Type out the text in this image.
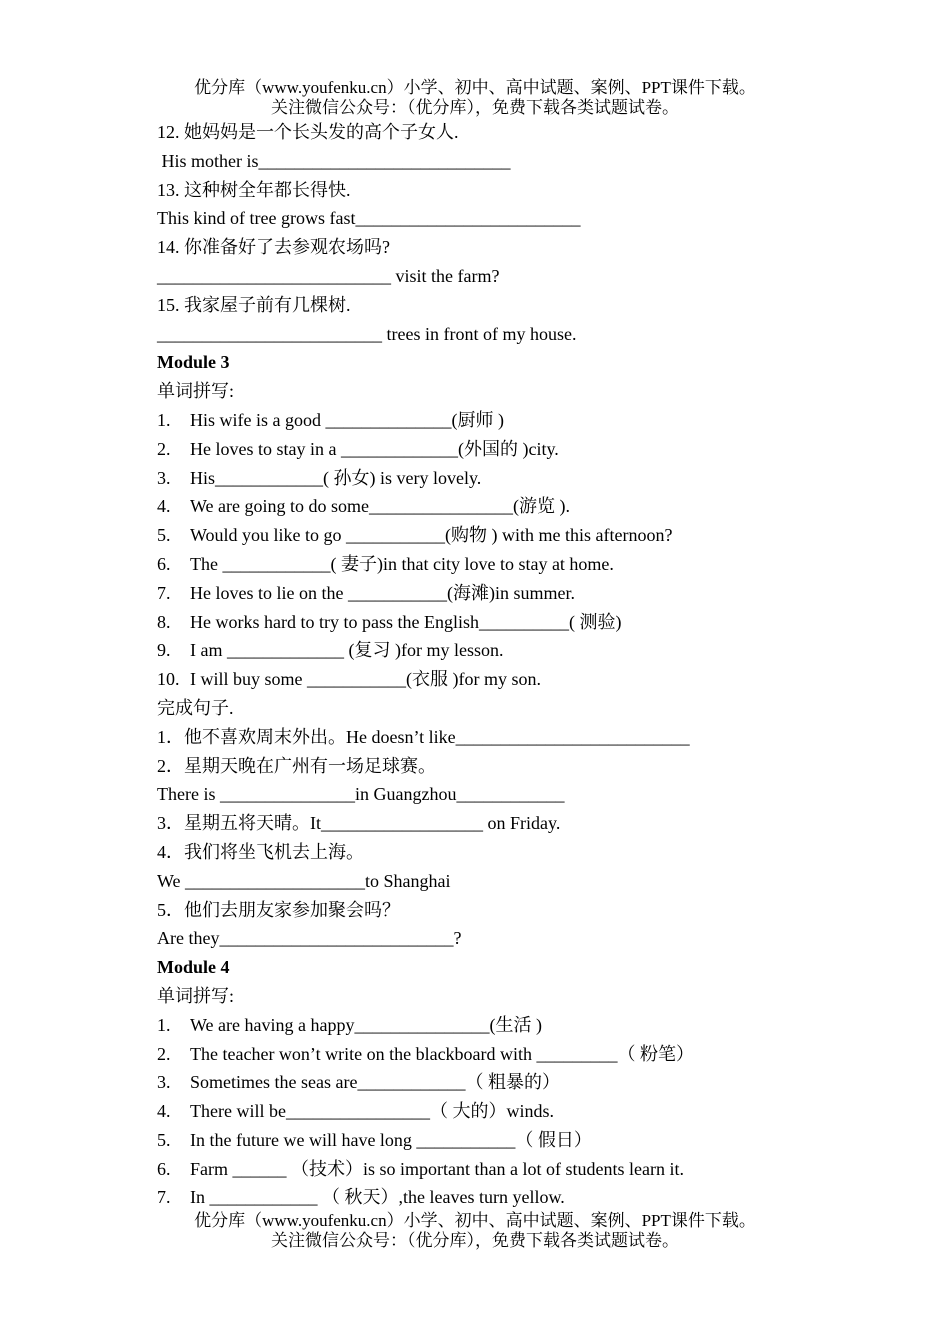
优分库（www.youfenku.cn）小学、初中、高中试题、案例、PPT课件下载。
关注微信公众号：（优分库），免费下载各类试题试卷。
12. 她妈妈是一个长头发的高个子女人.
His mother is____________________________
13. 这种树全年都长得快.
This kind of tree grows fast_________________________
14. 你准备好了去参观农场吗?
__________________________ visit the farm?
15. 我家屋子前有几棵树.
_________________________ trees in front of my house.
Module 3
单词拼写:
1. His wife is a good ______________(厨师 )
2. He loves to stay in a _____________(外国的 )city.
3. His____________( 孙女) is very lovely.
4. We are going to do some________________(游览 ).
5. Would you like to go ___________(购物 ) with me this afternoon?
6. The ____________( 妻子)in that city love to stay at home.
7. He loves to lie on the ___________(海滩)in summer.
8. He works hard to try to pass the English__________( 测验)
9. I am _____________ (复习 )for my lesson.
10. I will buy some ___________(衣服 )for my son.
完成句子.
1．他不喜欢周末外出。He doesn’t like__________________________
2．星期天晚在广州有一场足球赛。
There is _______________in Guangzhou____________
3．星期五将天晴。It__________________ on Friday.
4．我们将坐飞机去上海。
We ____________________to Shanghai
5．他们去朋友家参加聚会吗？
Are they__________________________?
Module 4
单词拼写:
1. We are having a happy_______________(生活 )
2. The teacher won’t write on the blackboard with _________（ 粉笔）
3. Sometimes the seas are____________（ 粗暴的）
4. There will be________________（ 大的）winds.
5. In the future we will have long ___________（ 假日）
6. Farm ______ （技术）is so important than a lot of students learn it.
7. In ____________ （ 秋天）,the leaves turn yellow.
优分库（www.youfenku.cn）小学、初中、高中试题、案例、PPT课件下载。
关注微信公众号：（优分库），免费下载各类试题试卷。
